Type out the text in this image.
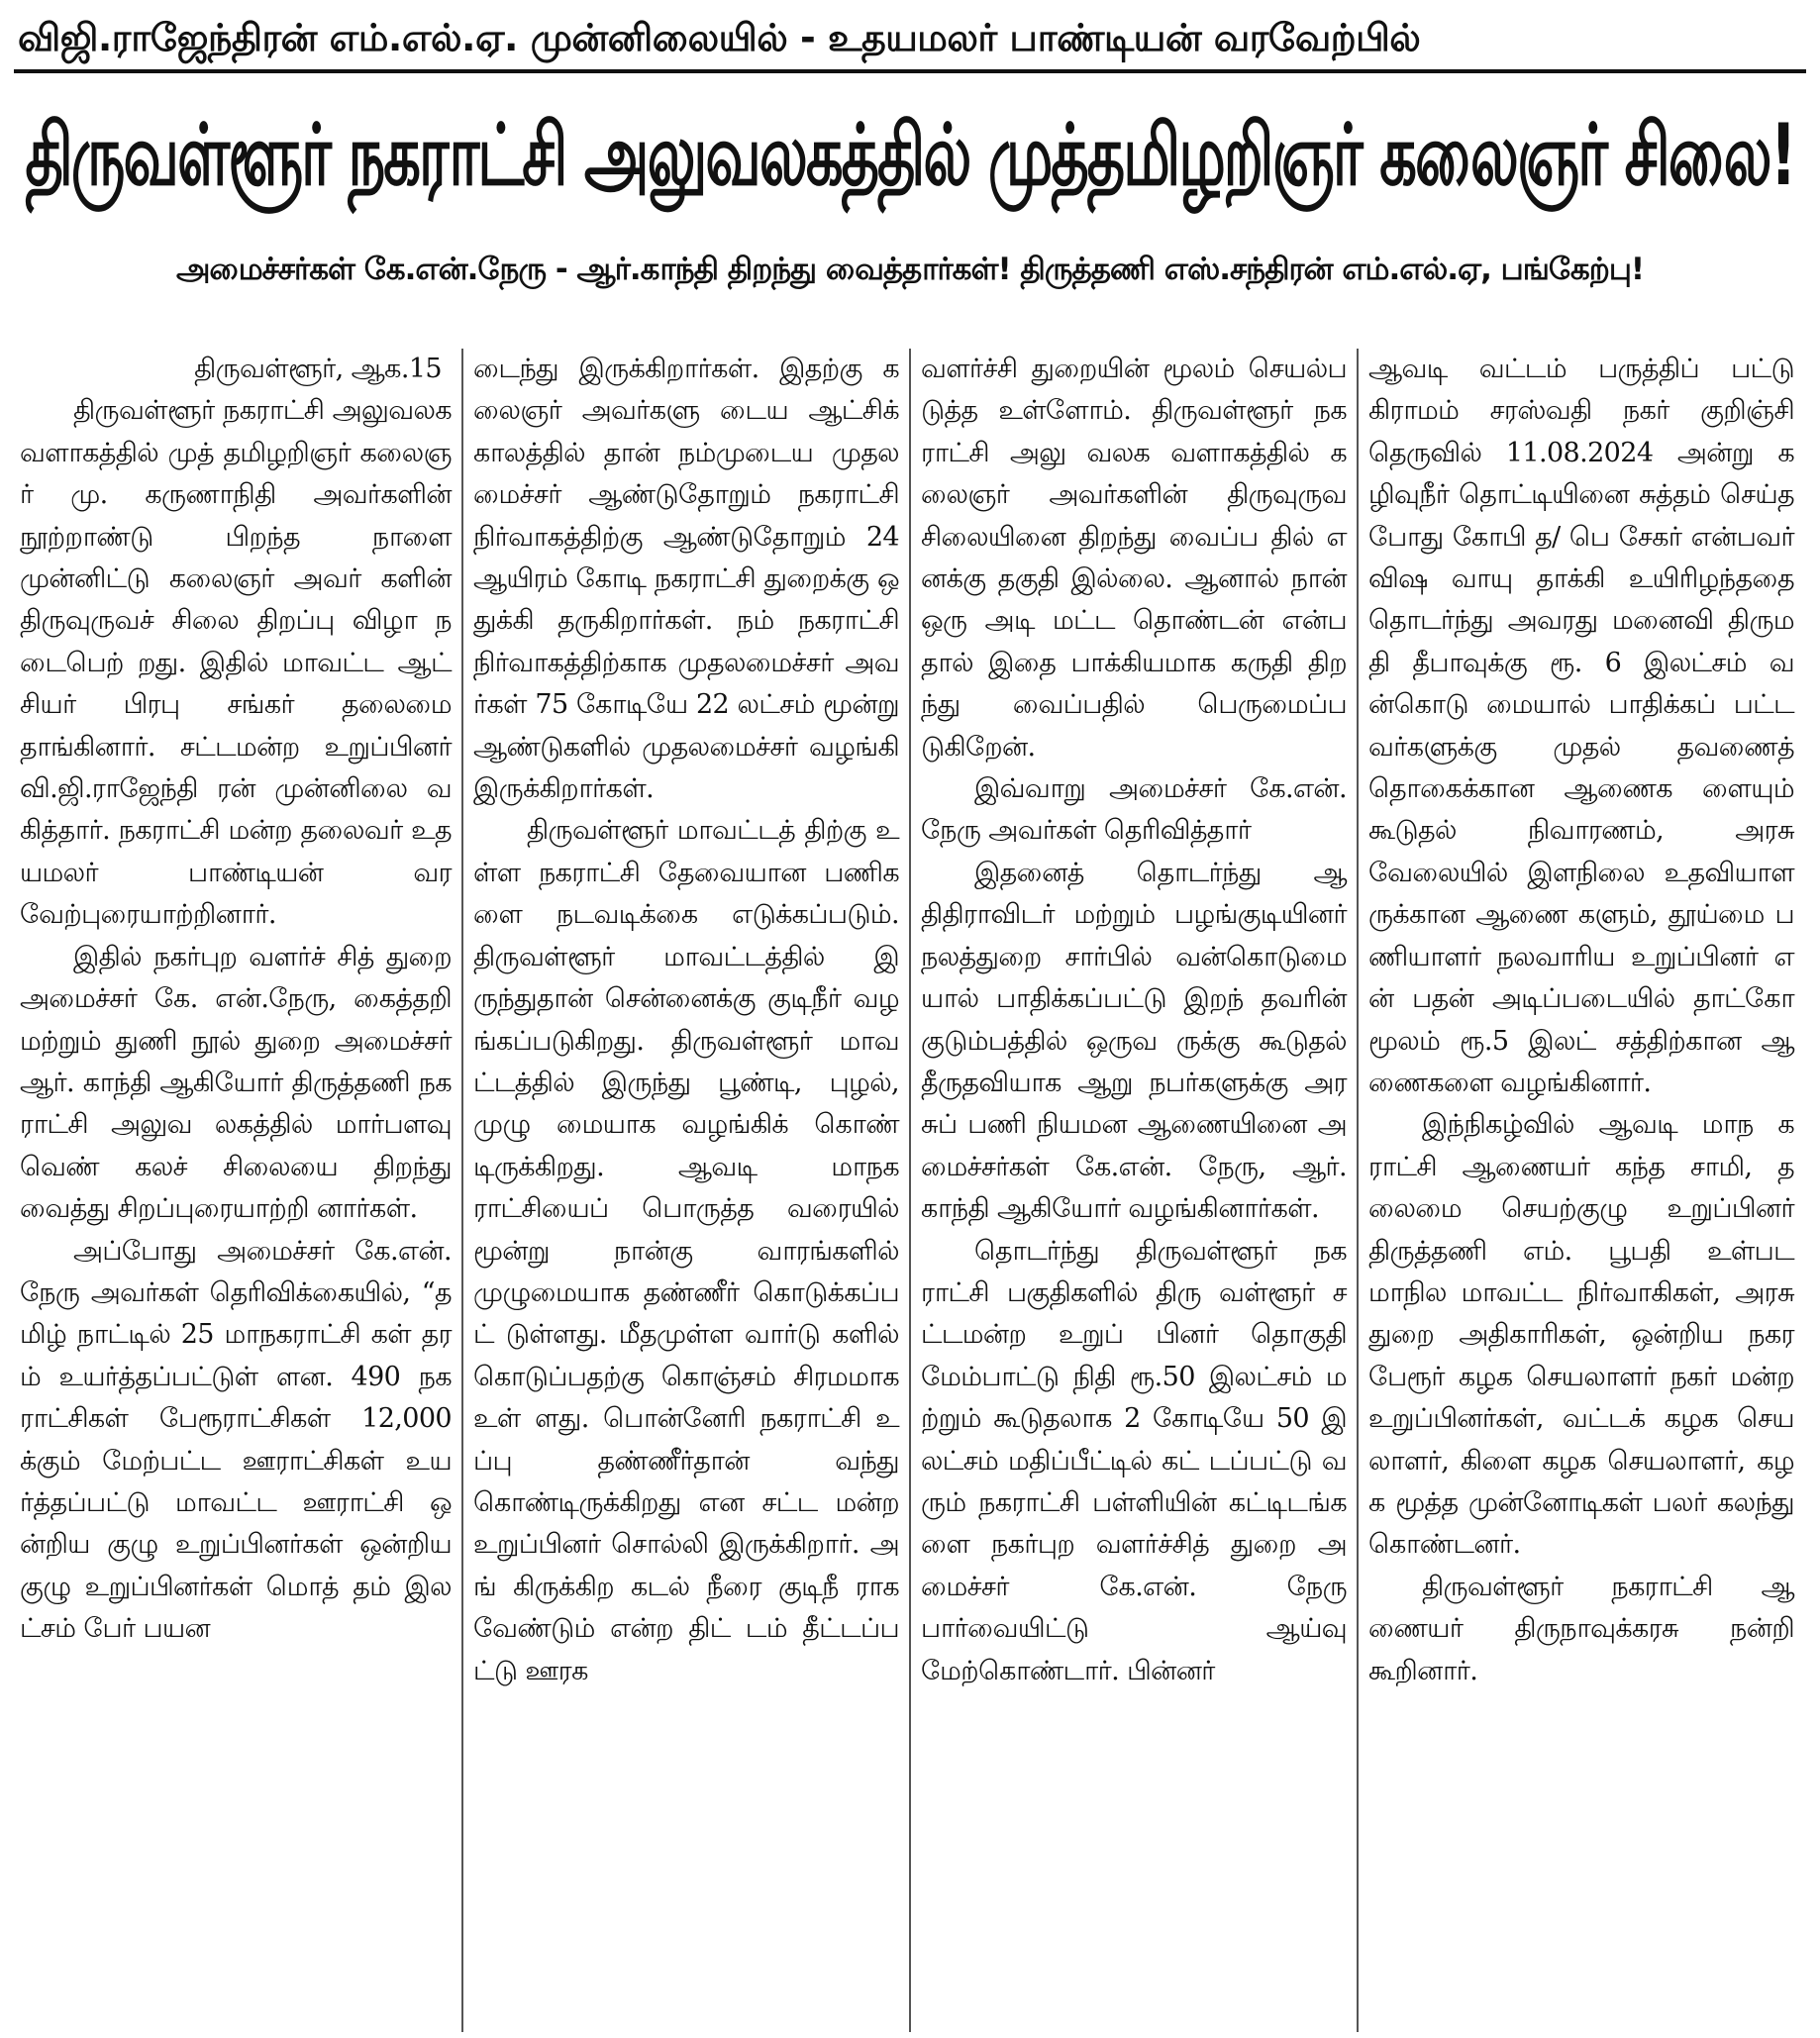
விஜி.ராஜேந்திரன் எம்.எல்.ஏ. முன்னிலையில் - உதயமலர் பாண்டியன் வரவேற்பில்
திருவள்ளூர் நகராட்சி அலுவலகத்தில் முத்தமிழறிஞர் கலைஞர் சிலை!
அமைச்சர்கள் கே.என்.நேரு - ஆர்.காந்தி திறந்து வைத்தார்கள்! திருத்தணி எஸ்.சந்திரன் எம்.எல்.ஏ, பங்கேற்பு!

திருவள்ளூர், ஆக.15

திருவள்ளூர் நகராட்சி அலுவலக வளாகத்தில் முத் தமிழறிஞர் கலைஞர் மு. கருணாநிதி அவர்களின் நூற்றாண்டு பிறந்த நாளை முன்னிட்டு கலைஞர் அவர் களின் திருவுருவச் சிலை திறப்பு விழா நடைபெற் றது. இதில் மாவட்ட ஆட் சியர் பிரபு சங்கர் தலைமை தாங்கினார். சட்டமன்ற உறுப்பினர் வி.ஜி.ராஜேந்தி ரன் முன்னிலை வகித்தார். நகராட்சி மன்ற தலைவர் உதயமலர் பாண்டியன் வர வேற்புரையாற்றினார்.

இதில் நகர்புற வளர்ச் சித் துறை அமைச்சர் கே. என்.நேரு, கைத்தறி மற்றும் துணி நூல் துறை அமைச்சர் ஆர். காந்தி ஆகியோர் திருத்தணி நகராட்சி அலுவ லகத்தில் மார்பளவு வெண் கலச் சிலையை திறந்து வைத்து சிறப்புரையாற்றி னார்கள்.

அப்போது அமைச்சர் கே.என். நேரு அவர்கள் தெரிவிக்கையில், “தமிழ் நாட்டில் 25 மாநகராட்சி கள் தரம் உயர்த்தப்பட்டுள் ளன. 490 நகராட்சிகள் பேரூராட்சிகள் 12,000க்கும் மேற்பட்ட ஊராட்சிகள் உயர்த்தப்பட்டு மாவட்ட ஊராட்சி ஒன்றிய குழு உறுப்பினர்கள் ஒன்றிய குழு உறுப்பினர்கள் மொத் தம் இலட்சம் பேர் பயன

டைந்து இருக்கிறார்கள். இதற்கு கலைஞர் அவர்களு டைய ஆட்சிக் காலத்தில் தான் நம்முடைய முதல மைச்சர் ஆண்டுதோறும் நகராட்சி நிர்வாகத்திற்கு ஆண்டுதோறும் 24 ஆயிரம் கோடி நகராட்சி துறைக்கு ஒதுக்கி தருகிறார்கள். நம் நகராட்சி நிர்வாகத்திற்காக முதலமைச்சர் அவர்கள் 75 கோடியே 22 லட்சம் மூன்று ஆண்டுகளில் முதலமைச்சர் வழங்கி இருக்கிறார்கள்.

திருவள்ளூர் மாவட்டத் திற்கு உள்ள நகராட்சி தேவையான பணிகளை நடவடிக்கை எடுக்கப்படும். திருவள்ளூர் மாவட்டத்தில் இருந்துதான் சென்னைக்கு குடிநீர் வழங்கப்படுகிறது. திருவள்ளூர் மாவட்டத்தில் இருந்து பூண்டி, புழல், முழு மையாக வழங்கிக் கொண் டிருக்கிறது. ஆவடி மாநக ராட்சியைப் பொருத்த வரையில் மூன்று நான்கு வாரங்களில் முழுமையாக தண்ணீர் கொடுக்கப்பட் டுள்ளது. மீதமுள்ள வார்டு களில் கொடுப்பதற்கு கொஞ்சம் சிரமமாக உள் ளது. பொன்னேரி நகராட்சி உப்பு தண்ணீர்தான் வந்து கொண்டிருக்கிறது என சட்ட மன்ற உறுப்பினர் சொல்லி இருக்கிறார். அங் கிருக்கிற கடல் நீரை குடிநீ ராக வேண்டும் என்ற திட் டம் தீட்டப்பட்டு ஊரக

வளர்ச்சி துறையின் மூலம் செயல்படுத்த உள்ளோம். திருவள்ளூர் நகராட்சி அலு வலக வளாகத்தில் கலைஞர் அவர்களின் திருவுருவ சிலையினை திறந்து வைப்ப தில் எனக்கு தகுதி இல்லை. ஆனால் நான் ஒரு அடி மட்ட தொண்டன் என்ப தால் இதை பாக்கியமாக கருதி திறந்து வைப்பதில் பெருமைப்படுகிறேன்.

இவ்வாறு அமைச்சர் கே.என்.நேரு அவர்கள் தெரிவித்தார்

இதனைத் தொடர்ந்து ஆதிதிராவிடர் மற்றும் பழங்குடியினர் நலத்துறை சார்பில் வன்கொடுமை யால் பாதிக்கப்பட்டு இறந் தவரின் குடும்பத்தில் ஒருவ ருக்கு கூடுதல் தீருதவியாக ஆறு நபர்களுக்கு அரசுப் பணி நியமன ஆணையினை அமைச்சர்கள் கே.என். நேரு, ஆர்.காந்தி ஆகியோர் வழங்கினார்கள்.

தொடர்ந்து திருவள்ளூர் நகராட்சி பகுதிகளில் திரு வள்ளூர் சட்டமன்ற உறுப் பினர் தொகுதி மேம்பாட்டு நிதி ரூ.50 இலட்சம் மற்றும் கூடுதலாக 2 கோடியே 50 இலட்சம் மதிப்பீட்டில் கட் டப்பட்டு வரும் நகராட்சி பள்ளியின் கட்டிடங்களை நகர்புற வளர்ச்சித் துறை அமைச்சர் கே.என். நேரு பார்வையிட்டு ஆய்வு மேற்கொண்டார். பின்னர்

ஆவடி வட்டம் பருத்திப் பட்டு கிராமம் சரஸ்வதி நகர் குறிஞ்சி தெருவில் 11.08.2024 அன்று கழிவுநீர் தொட்டியினை சுத்தம் செய்த போது கோபி த/ பெ சேகர் என்பவர் விஷ வாயு தாக்கி உயிரிழந்ததை தொடர்ந்து அவரது மனைவி திருமதி தீபாவுக்கு ரூ. 6 இலட்சம் வன்கொடு மையால் பாதிக்கப் பட்ட வர்களுக்கு முதல் தவணைத் தொகைக்கான ஆணைக ளையும் கூடுதல் நிவாரணம், அரசு வேலையில் இளநிலை உதவியாளருக்கான ஆணை களும், தூய்மை பணியாளர் நலவாரிய உறுப்பினர் என் பதன் அடிப்படையில் தாட்கோ மூலம் ரூ.5 இலட் சத்திற்கான ஆணைகளை வழங்கினார்.

இந்நிகழ்வில் ஆவடி மாந கராட்சி ஆணையர் கந்த சாமி, தலைமை செயற்குழு உறுப்பினர் திருத்தணி எம். பூபதி உள்பட மாநில மாவட்ட நிர்வாகிகள், அரசு துறை அதிகாரிகள், ஒன்றிய நகர பேரூர் கழக செயலாளர் நகர் மன்ற உறுப்பினர்கள், வட்டக் கழக செயலாளர், கிளை கழக செயலாளர், கழக மூத்த முன்னோடிகள் பலர் கலந்து கொண்டனர்.

திருவள்ளூர் நகராட்சி ஆணையர் திருநாவுக்கரசு நன்றி கூறினார்.
